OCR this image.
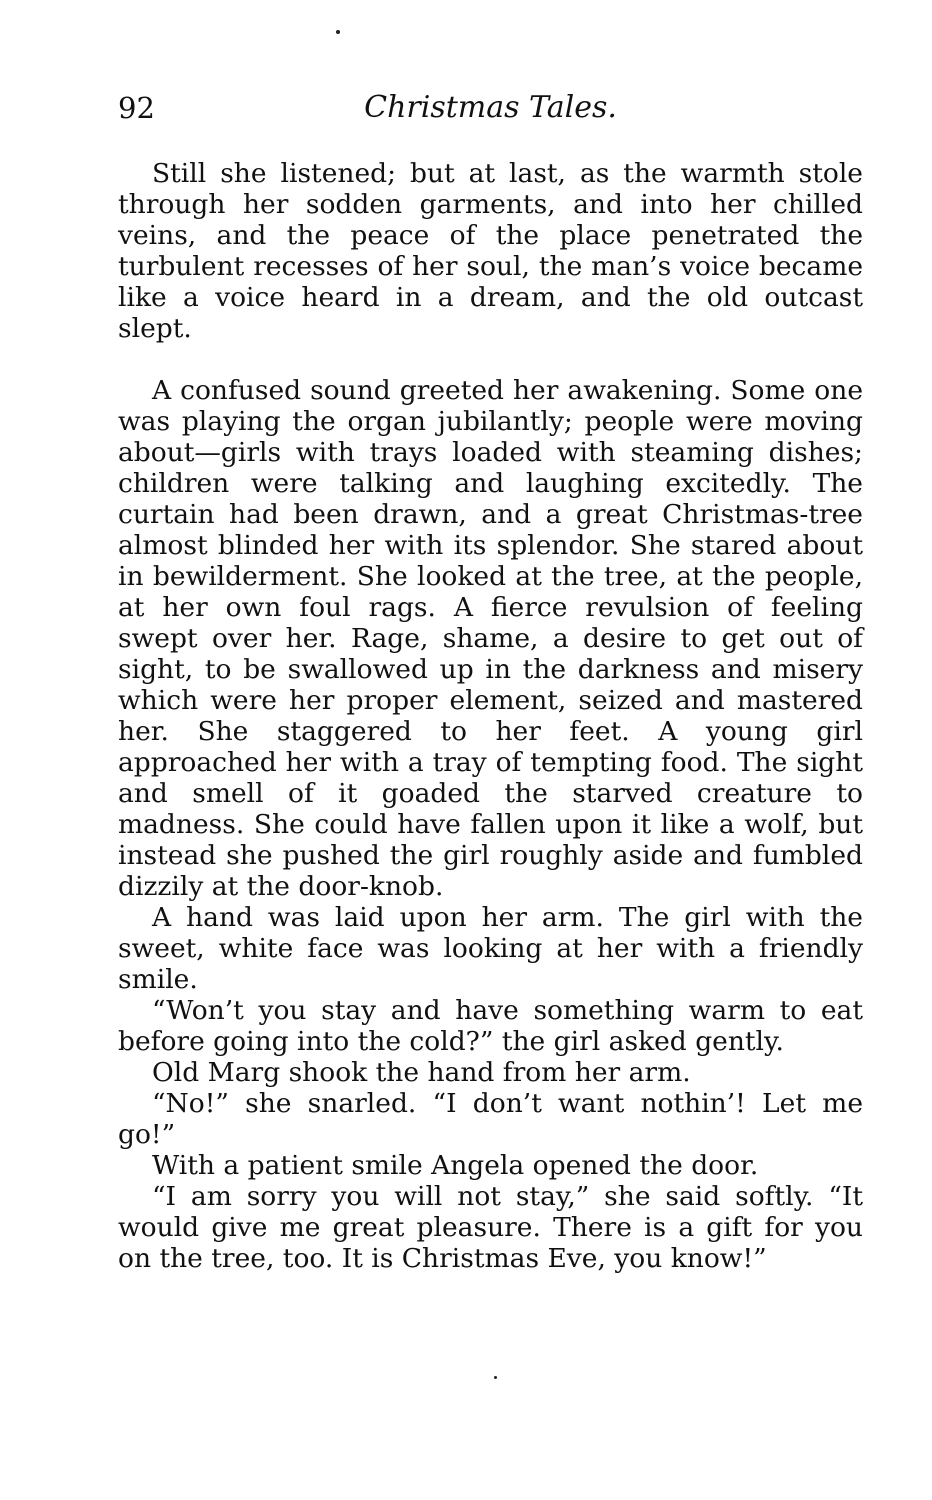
92	Christmas Tales.

Still she listened; but at last, as the warmth stole through her sodden garments, and into her chilled veins, and the peace of the place penetrated the turbulent recesses of her soul, the man’s voice became like a voice heard in a dream, and the old outcast slept.

A confused sound greeted her awakening. Some one was playing the organ jubilantly; people were moving about—girls with trays loaded with steaming dishes; children were talking and laughing excitedly. The curtain had been drawn, and a great Christmas-tree almost blinded her with its splendor. She stared about in bewilderment. She looked at the tree, at the people, at her own foul rags. A fierce revulsion of feeling swept over her. Rage, shame, a desire to get out of sight, to be swallowed up in the darkness and misery which were her proper element, seized and mastered her. She staggered to her feet. A young girl approached her with a tray of tempting food. The sight and smell of it goaded the starved creature to madness. She could have fallen upon it like a wolf, but instead she pushed the girl roughly aside and fumbled dizzily at the door-knob.

A hand was laid upon her arm. The girl with the sweet, white face was looking at her with a friendly smile.

“Won’t you stay and have something warm to eat before going into the cold?” the girl asked gently.

Old Marg shook the hand from her arm.

“No!” she snarled. “I don’t want nothin’! Let me go!”

With a patient smile Angela opened the door.

“I am sorry you will not stay,” she said softly. “It would give me great pleasure. There is a gift for you on the tree, too. It is Christmas Eve, you know!”
